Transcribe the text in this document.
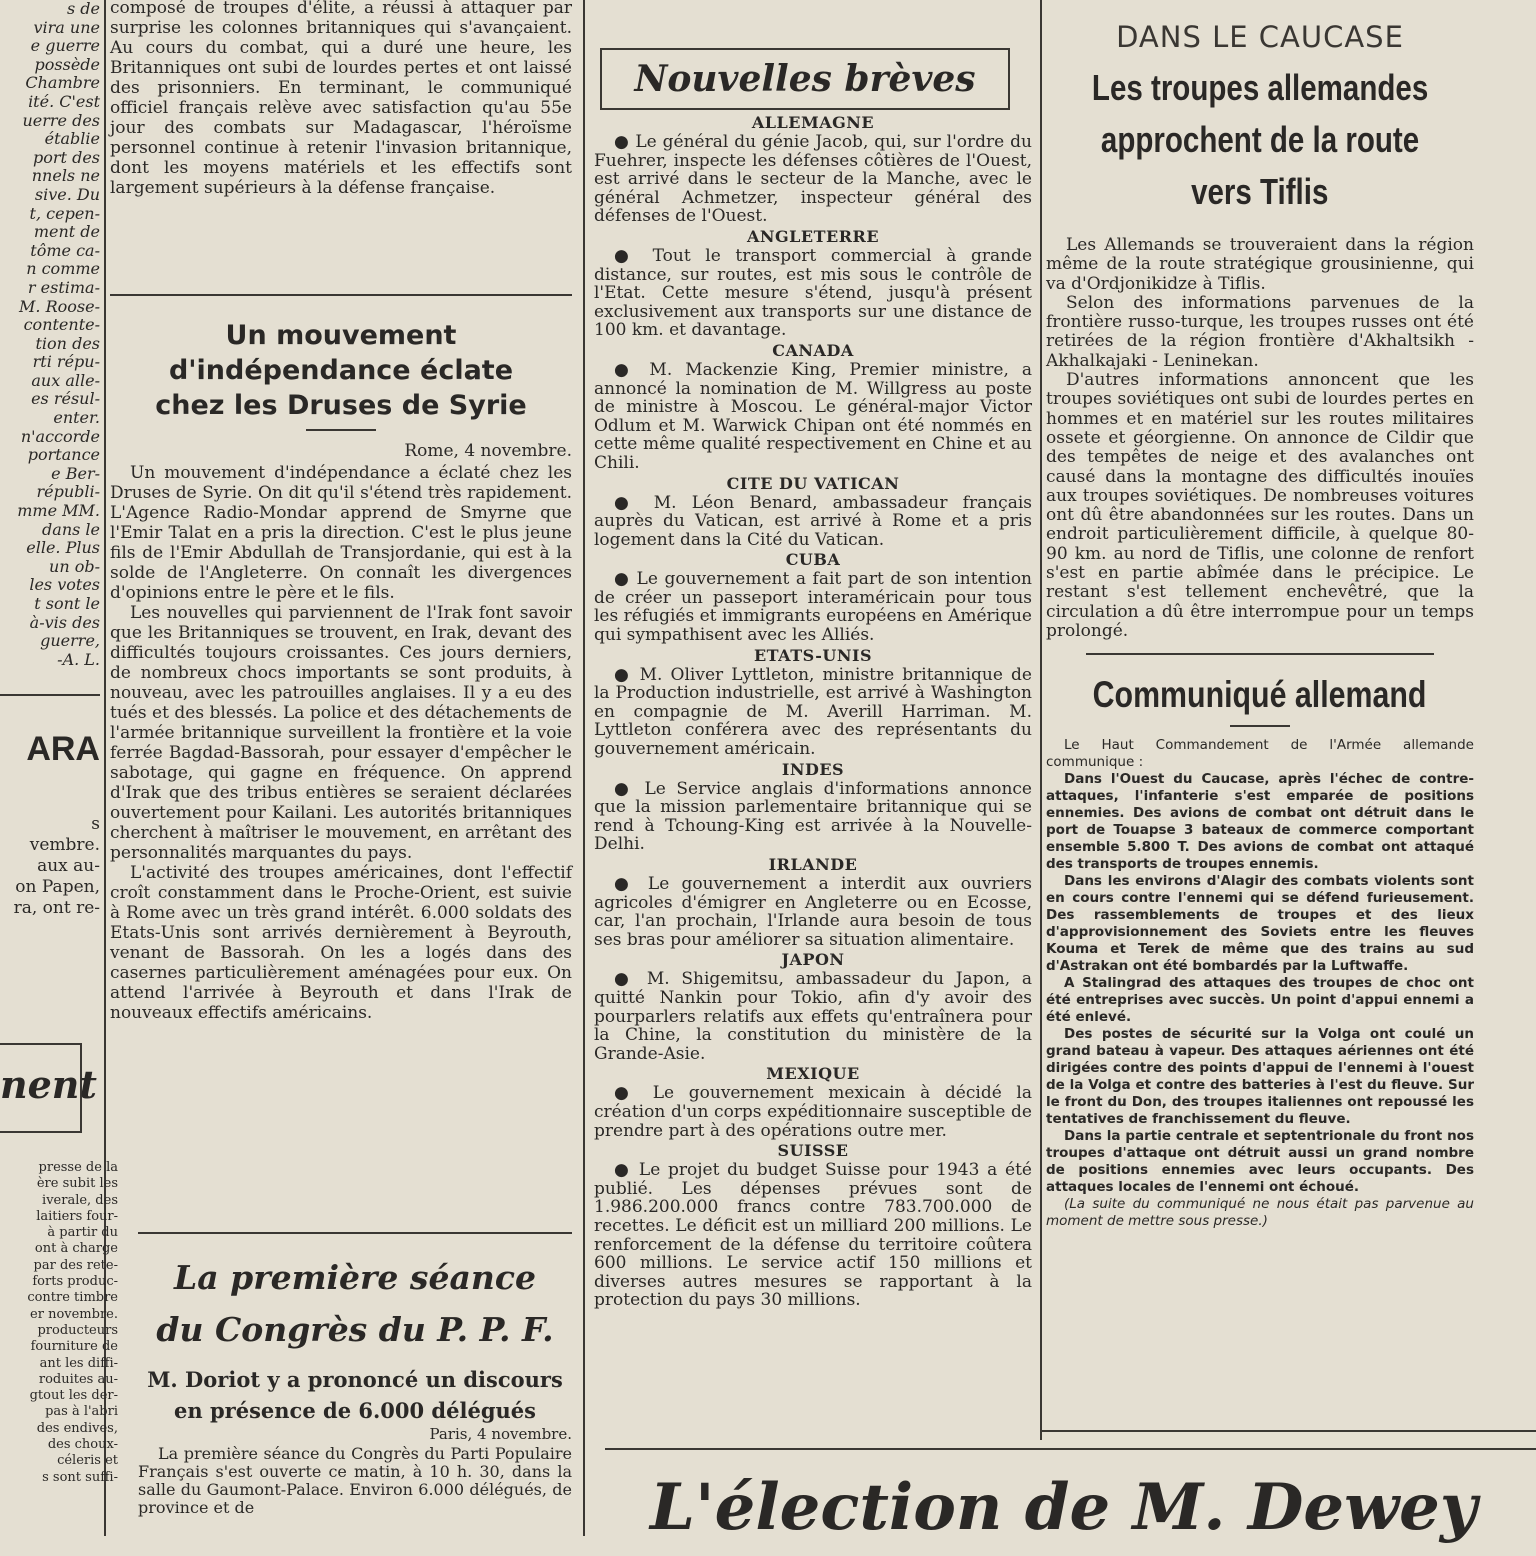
s de
vira une
e guerre
possède
Chambre
ité. C'est
uerre des
établie
port des
nnels ne
sive. Du
t, cepen-
ment de
tôme ca-
n comme
r estima-
M. Roose-
contente-
tion des
rti répu-
aux alle-
es résul-
enter.
n'accorde
portance
e Ber-
républi-
mme MM.
dans le
elle. Plus
un ob-
les votes
t sont le
à-vis des
guerre,
-A. L.
ARA
s
vembre.
aux au-
on Papen,
ra, ont re-
nent
presse de la
ère subit les
iverale, des
laitiers four-
à partir du
ont à charge
par des rete-
forts produc-
contre timbre
er novembre.
producteurs
fourniture de
ant les diffi-
roduites au-
gtout les der-
pas à l'abri
des endives,
des choux-
céleris et
s sont suffi-

composé de troupes d'élite, a réussi à attaquer par surprise les colonnes britanniques qui s'avançaient. Au cours du combat, qui a duré une heure, les Britanniques ont subi de lourdes pertes et ont laissé des prisonniers. En terminant, le communiqué officiel français relève avec satisfaction qu'au 55e jour des combats sur Madagascar, l'héroïsme personnel continue à retenir l'invasion britannique, dont les moyens matériels et les effectifs sont largement supérieurs à la défense française.

Un mouvement
d'indépendance éclate
chez les Druses de Syrie

Rome, 4 novembre.

Un mouvement d'indépendance a éclaté chez les Druses de Syrie. On dit qu'il s'étend très rapidement. L'Agence Radio-Mondar apprend de Smyrne que l'Emir Talat en a pris la direction. C'est le plus jeune fils de l'Emir Abdullah de Transjordanie, qui est à la solde de l'Angleterre. On connaît les divergences d'opinions entre le père et le fils.

Les nouvelles qui parviennent de l'Irak font savoir que les Britanniques se trouvent, en Irak, devant des difficultés toujours croissantes. Ces jours derniers, de nombreux chocs importants se sont produits, à nouveau, avec les patrouilles anglaises. Il y a eu des tués et des blessés. La police et des détachements de l'armée britannique surveillent la frontière et la voie ferrée Bagdad-Bassorah, pour essayer d'empêcher le sabotage, qui gagne en fréquence. On apprend d'Irak que des tribus entières se seraient déclarées ouvertement pour Kailani. Les autorités britanniques cherchent à maîtriser le mouvement, en arrêtant des personnalités marquantes du pays.

L'activité des troupes américaines, dont l'effectif croît constamment dans le Proche-Orient, est suivie à Rome avec un très grand intérêt. 6.000 soldats des Etats-Unis sont arrivés dernièrement à Beyrouth, venant de Bassorah. On les a logés dans des casernes particulièrement aménagées pour eux. On attend l'arrivée à Beyrouth et dans l'Irak de nouveaux effectifs américains.

La première séance
du Congrès du P. P. F.
M. Doriot y a prononcé un discours
en présence de 6.000 délégués

Paris, 4 novembre.

La première séance du Congrès du Parti Populaire Français s'est ouverte ce matin, à 10 h. 30, dans la salle du Gaumont-Palace. Environ 6.000 délégués, de province et de

Nouvelles brèves
ALLEMAGNE

● Le général du génie Jacob, qui, sur l'ordre du Fuehrer, inspecte les défenses côtières de l'Ouest, est arrivé dans le secteur de la Manche, avec le général Achmetzer, inspecteur général des défenses de l'Ouest.

ANGLETERRE

● Tout le transport commercial à grande distance, sur routes, est mis sous le contrôle de l'Etat. Cette mesure s'étend, jusqu'à présent exclusivement aux transports sur une distance de 100 km. et davantage.

CANADA

● M. Mackenzie King, Premier ministre, a annoncé la nomination de M. Willgress au poste de ministre à Moscou. Le général-major Victor Odlum et M. Warwick Chipan ont été nommés en cette même qualité respectivement en Chine et au Chili.

CITE DU VATICAN

● M. Léon Benard, ambassadeur français auprès du Vatican, est arrivé à Rome et a pris logement dans la Cité du Vatican.

CUBA

● Le gouvernement a fait part de son intention de créer un passeport interaméricain pour tous les réfugiés et immigrants européens en Amérique qui sympathisent avec les Alliés.

ETATS-UNIS

● M. Oliver Lyttleton, ministre britannique de la Production industrielle, est arrivé à Washington en compagnie de M. Averill Harriman. M. Lyttleton conférera avec des représentants du gouvernement américain.

INDES

● Le Service anglais d'informations annonce que la mission parlementaire britannique qui se rend à Tchoung-King est arrivée à la Nouvelle-Delhi.

IRLANDE

● Le gouvernement a interdit aux ouvriers agricoles d'émigrer en Angleterre ou en Ecosse, car, l'an prochain, l'Irlande aura besoin de tous ses bras pour améliorer sa situation alimentaire.

JAPON

● M. Shigemitsu, ambassadeur du Japon, a quitté Nankin pour Tokio, afin d'y avoir des pourparlers relatifs aux effets qu'entraînera pour la Chine, la constitution du ministère de la Grande-Asie.

MEXIQUE

● Le gouvernement mexicain à décidé la création d'un corps expéditionnaire susceptible de prendre part à des opérations outre mer.

SUISSE

● Le projet du budget Suisse pour 1943 a été publié. Les dépenses prévues sont de 1.986.200.000 francs contre 783.700.000 de recettes. Le déficit est un milliard 200 millions. Le renforcement de la défense du territoire coûtera 600 millions. Le service actif 150 millions et diverses autres mesures se rapportant à la protection du pays 30 millions.

DANS LE CAUCASE
Les troupes allemandes
approchent de la route
vers Tiflis

Les Allemands se trouveraient dans la région même de la route stratégique grousinienne, qui va d'Ordjonikidze à Tiflis.

Selon des informations parvenues de la frontière russo-turque, les troupes russes ont été retirées de la région frontière d'Akhaltsikh - Akhalkajaki - Leninekan.

D'autres informations annoncent que les troupes soviétiques ont subi de lourdes pertes en hommes et en matériel sur les routes militaires ossete et géorgienne. On annonce de Cildir que des tempêtes de neige et des avalanches ont causé dans la montagne des difficultés inouïes aux troupes soviétiques. De nombreuses voitures ont dû être abandonnées sur les routes. Dans un endroit particulièrement difficile, à quelque 80-90 km. au nord de Tiflis, une colonne de renfort s'est en partie abîmée dans le précipice. Le restant s'est tellement enchevêtré, que la circulation a dû être interrompue pour un temps prolongé.

Communiqué allemand

Le Haut Commandement de l'Armée allemande communique :

Dans l'Ouest du Caucase, après l'échec de contre-attaques, l'infanterie s'est emparée de positions ennemies. Des avions de combat ont détruit dans le port de Touapse 3 bateaux de commerce comportant ensemble 5.800 T. Des avions de combat ont attaqué des transports de troupes ennemis.

Dans les environs d'Alagir des combats violents sont en cours contre l'ennemi qui se défend furieusement. Des rassemblements de troupes et des lieux d'approvisionnement des Soviets entre les fleuves Kouma et Terek de même que des trains au sud d'Astrakan ont été bombardés par la Luftwaffe.

A Stalingrad des attaques des troupes de choc ont été entreprises avec succès. Un point d'appui ennemi a été enlevé.

Des postes de sécurité sur la Volga ont coulé un grand bateau à vapeur. Des attaques aériennes ont été dirigées contre des points d'appui de l'ennemi à l'ouest de la Volga et contre des batteries à l'est du fleuve. Sur le front du Don, des troupes italiennes ont repoussé les tentatives de franchissement du fleuve.

Dans la partie centrale et septentrionale du front nos troupes d'attaque ont détruit aussi un grand nombre de positions ennemies avec leurs occupants. Des attaques locales de l'ennemi ont échoué.

(La suite du communiqué ne nous était pas parvenue au moment de mettre sous presse.)

L'élection de M. Dewey
